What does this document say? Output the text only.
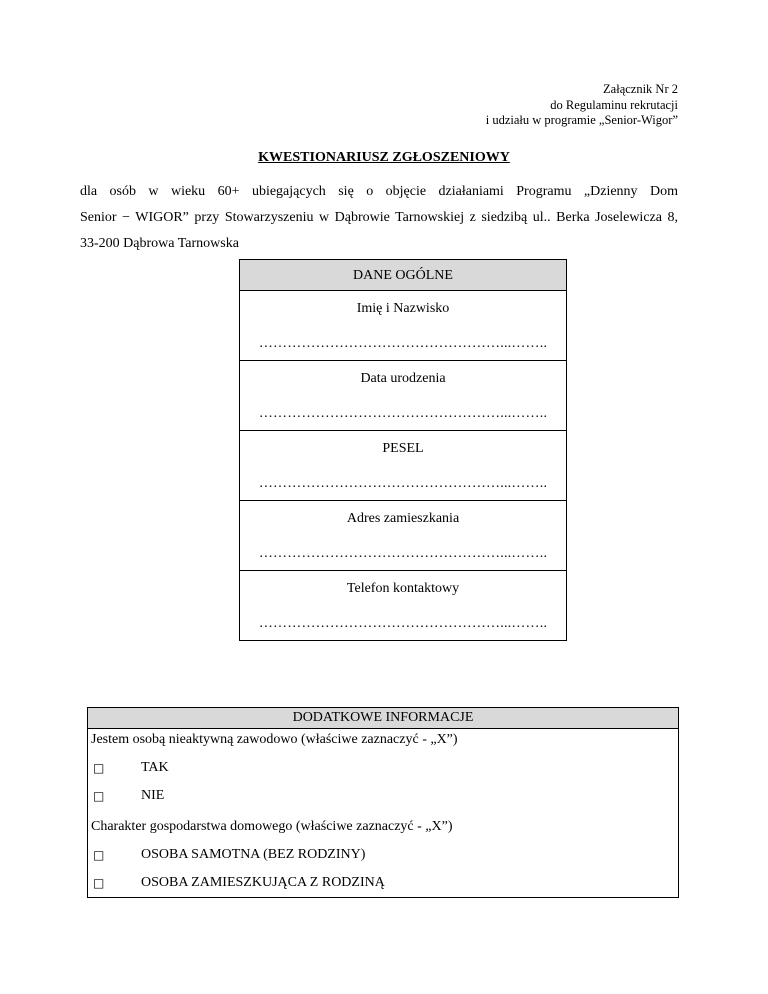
Załącznik Nr 2
do Regulaminu rekrutacji
i udziału w programie „Senior-Wigor”
KWESTIONARIUSZ ZGŁOSZENIOWY
dla osób w wieku 60+ ubiegających się o objęcie działaniami Programu „Dzienny Dom
Senior − WIGOR” przy Stowarzyszeniu w Dąbrowie Tarnowskiej z siedzibą ul.. Berka Joselewicza 8,
33-200 Dąbrowa Tarnowska
DANE OGÓLNE

Imię i Nazwisko
……………………………………………...……..

Data urodzenia
……………………………………………...……..

PESEL
……………………………………………...……..

Adres zamieszkania
……………………………………………...……..

Telefon kontaktowy
……………………………………………...……..
DODATKOWE INFORMACJE

Jestem osobą nieaktywną zawodowo (właściwe zaznaczyć - „X”)
□	TAK
□	NIE
Charakter gospodarstwa domowego (właściwe zaznaczyć - „X”)
□	OSOBA SAMOTNA (BEZ RODZINY)
□	OSOBA ZAMIESZKUJĄCA Z RODZINĄ
